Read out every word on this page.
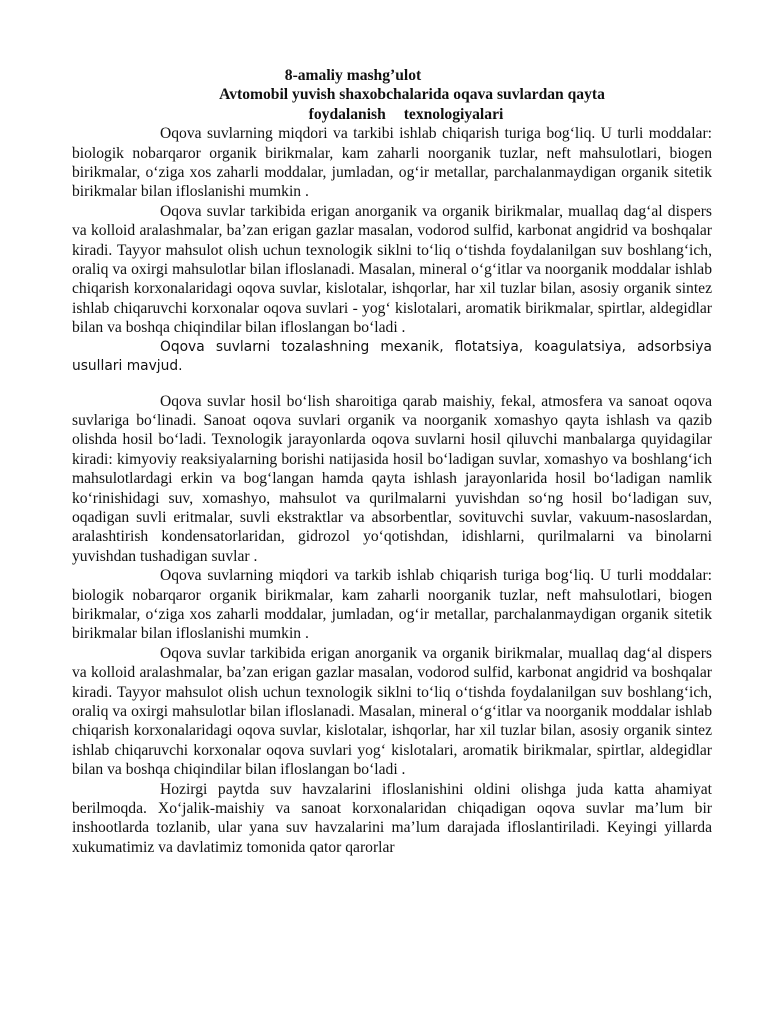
8-amaliy mashg’ulot
Avtomobil yuvish shaxobchalarida oqava suvlardan qayta
foydalanish texnologiyalari

Oqova suvlarning miqdori va tarkibi ishlab chiqarish turiga bog‘liq. U turli moddalar: biologik nobarqaror organik birikmalar, kam zaharli noorganik tuzlar, neft mahsulotlari, biogen birikmalar, o‘ziga xos zaharli moddalar, jumladan, og‘ir metallar, parchalanmaydigan organik sitetik birikmalar bilan ifloslanishi mumkin .

Oqova suvlar tarkibida erigan anorganik va organik birikmalar, muallaq dag‘al dispers va kolloid aralashmalar, ba’zan erigan gazlar masalan, vodorod sulfid, karbonat angidrid va boshqalar kiradi. Tayyor mahsulot olish uchun texnologik siklni to‘liq o‘tishda foydalanilgan suv boshlang‘ich, oraliq va oxirgi mahsulotlar bilan ifloslanadi. Masalan, mineral o‘g‘itlar va noorganik moddalar ishlab chiqarish korxonalaridagi oqova suvlar, kislotalar, ishqorlar, har xil tuzlar bilan, asosiy organik sintez ishlab chiqaruvchi korxonalar oqova suvlari - yog‘ kislotalari, aromatik birikmalar, spirtlar, aldegidlar bilan va boshqa chiqindilar bilan ifloslangan bo‘ladi .

Oqova suvlarni tozalashning mexanik, flotatsiya, koagulatsiya, adsorbsiya usullari mavjud.

Oqova suvlar hosil bo‘lish sharoitiga qarab maishiy, fekal, atmosfera va sanoat oqova suvlariga bo‘linadi. Sanoat oqova suvlari organik va noorganik xomashyo qayta ishlash va qazib olishda hosil bo‘ladi. Texnologik jarayonlarda oqova suvlarni hosil qiluvchi manbalarga quyidagilar kiradi: kimyoviy reaksiyalarning borishi natijasida hosil bo‘ladigan suvlar, xomashyo va boshlang‘ich mahsulotlardagi erkin va bog‘langan hamda qayta ishlash jarayonlarida hosil bo‘ladigan namlik ko‘rinishidagi suv, xomashyo, mahsulot va qurilmalarni yuvishdan so‘ng hosil bo‘ladigan suv, oqadigan suvli eritmalar, suvli ekstraktlar va absorbentlar, sovituvchi suvlar, vakuum-nasoslardan, aralashtirish kondensatorlaridan, gidrozol yo‘qotishdan, idishlarni, qurilmalarni va binolarni yuvishdan tushadigan suvlar .

Oqova suvlarning miqdori va tarkib ishlab chiqarish turiga bog‘liq. U turli moddalar: biologik nobarqaror organik birikmalar, kam zaharli noorganik tuzlar, neft mahsulotlari, biogen birikmalar, o‘ziga xos zaharli moddalar, jumladan, og‘ir metallar, parchalanmaydigan organik sitetik birikmalar bilan ifloslanishi mumkin .

Oqova suvlar tarkibida erigan anorganik va organik birikmalar, muallaq dag‘al dispers va kolloid aralashmalar, ba’zan erigan gazlar masalan, vodorod sulfid, karbonat angidrid va boshqalar kiradi. Tayyor mahsulot olish uchun texnologik siklni to‘liq o‘tishda foydalanilgan suv boshlang‘ich, oraliq va oxirgi mahsulotlar bilan ifloslanadi. Masalan, mineral o‘g‘itlar va noorganik moddalar ishlab chiqarish korxonalaridagi oqova suvlar, kislotalar, ishqorlar, har xil tuzlar bilan, asosiy organik sintez ishlab chiqaruvchi korxonalar oqova suvlari yog‘ kislotalari, aromatik birikmalar, spirtlar, aldegidlar bilan va boshqa chiqindilar bilan ifloslangan bo‘ladi .

Hozirgi paytda suv havzalarini ifloslanishini oldini olishga juda katta ahamiyat berilmoqda. Xo‘jalik-maishiy va sanoat korxonalaridan chiqadigan oqova suvlar ma’lum bir inshootlarda tozlanib, ular yana suv havzalarini ma’lum darajada ifloslantiriladi. Keyingi yillarda xukumatimiz va davlatimiz tomonida qator qarorlar
